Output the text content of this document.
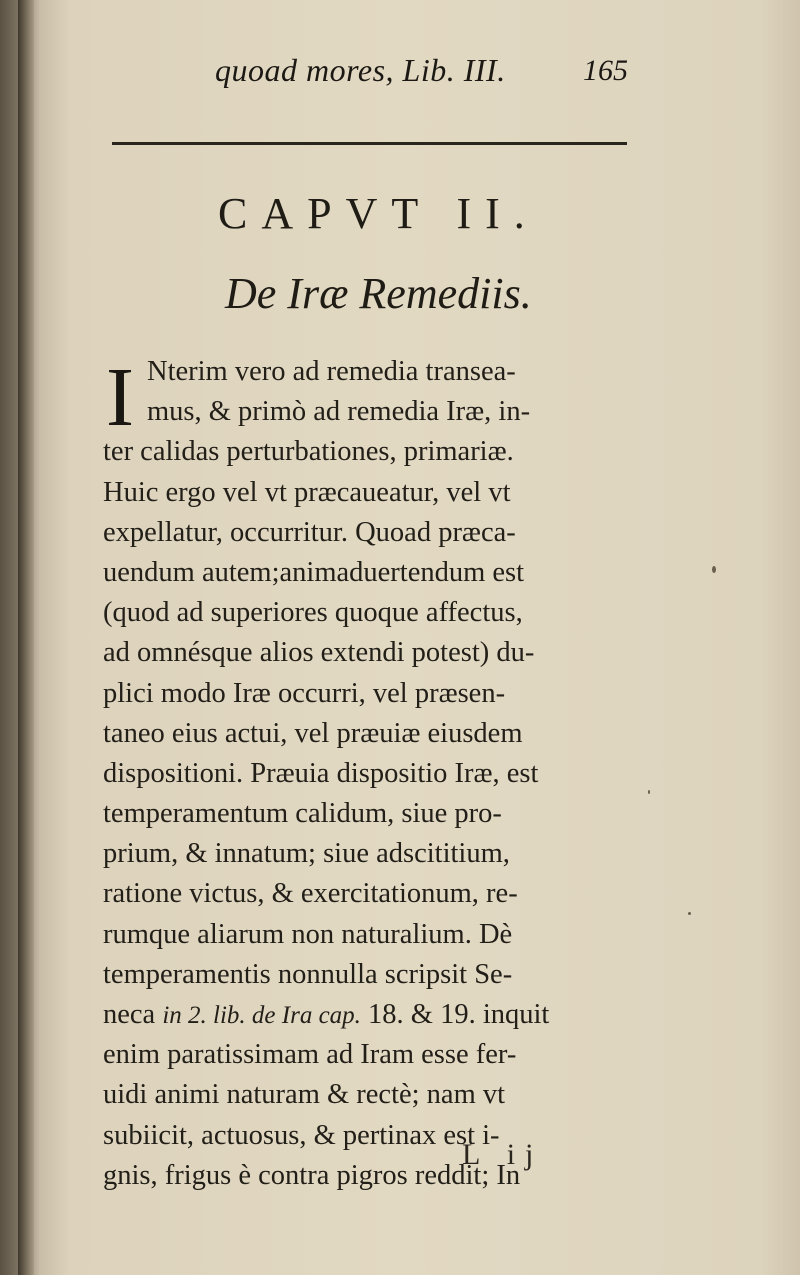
quoad mores, Lib. III.	165
CAPVT II.
De Iræ Remediis.
I Nterim vero ad remedia transea-
mus, & primò ad remedia Iræ, in-
ter calidas perturbationes, primariæ.
Huic ergo vel vt præcaueatur, vel vt
expellatur, occurritur. Quoad præca-
uendum autem;animaduertendum est
(quod ad superiores quoque affectus,
ad omnésque alios extendi potest) du-
plici modo Iræ occurri, vel præsen-
taneo eius actui, vel præuiæ eiusdem
dispositioni. Præuia dispositio Iræ, est
temperamentum calidum, siue pro-
prium, & innatum; siue adscititium,
ratione victus, & exercitationum, re-
rumque aliarum non naturalium. Dè
temperamentis nonnulla scripsit Se-
neca in 2. lib. de Ira cap. 18. & 19. inquit
enim paratissimam ad Iram esse fer-
uidi animi naturam & rectè; nam vt
subiicit, actuosus, & pertinax est i-
gnis, frigus è contra pigros reddit; In
L ij
